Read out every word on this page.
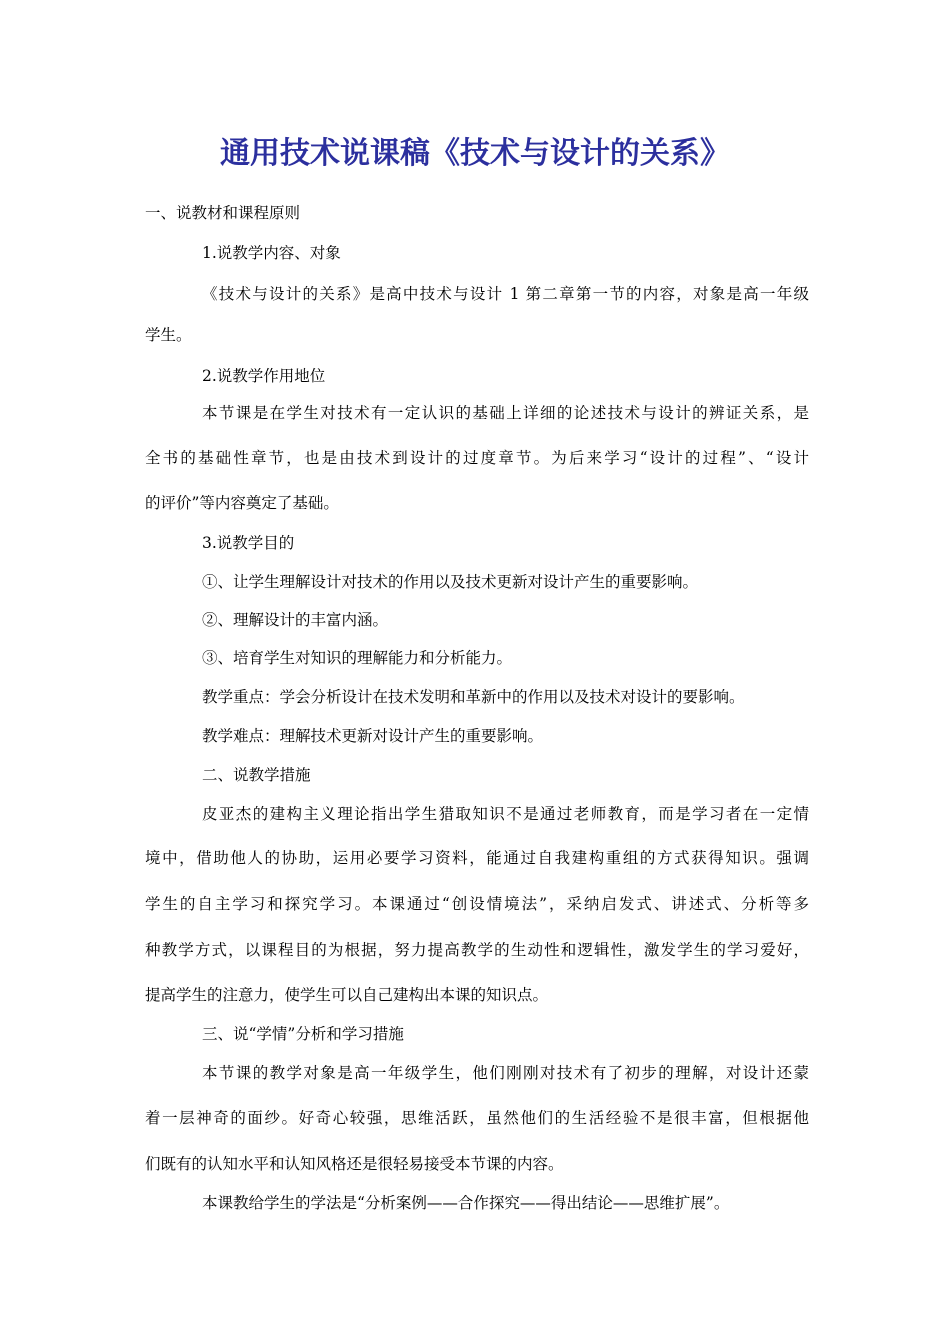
通用技术说课稿《技术与设计的关系》
一、说教材和课程原则
1.说教学内容、对象
《技术与设计的关系》是高中技术与设计 1 第二章第一节的内容，对象是高一年级
学生。
2.说教学作用地位
本节课是在学生对技术有一定认识的基础上详细的论述技术与设计的辨证关系，是
全书的基础性章节，也是由技术到设计的过度章节。为后来学习“设计的过程”、“设计
的评价”等内容奠定了基础。
3.说教学目的
①、让学生理解设计对技术的作用以及技术更新对设计产生的重要影响。
②、理解设计的丰富内涵。
③、培育学生对知识的理解能力和分析能力。
教学重点：学会分析设计在技术发明和革新中的作用以及技术对设计的要影响。
教学难点：理解技术更新对设计产生的重要影响。
二、说教学措施
皮亚杰的建构主义理论指出学生猎取知识不是通过老师教育，而是学习者在一定情
境中，借助他人的协助，运用必要学习资料，能通过自我建构重组的方式获得知识。强调
学生的自主学习和探究学习。本课通过“创设情境法”，采纳启发式、讲述式、分析等多
种教学方式，以课程目的为根据，努力提高教学的生动性和逻辑性，激发学生的学习爱好，
提高学生的注意力，使学生可以自己建构出本课的知识点。
三、说“学情”分析和学习措施
本节课的教学对象是高一年级学生，他们刚刚对技术有了初步的理解，对设计还蒙
着一层神奇的面纱。好奇心较强，思维活跃，虽然他们的生活经验不是很丰富，但根据他
们既有的认知水平和认知风格还是很轻易接受本节课的内容。
本课教给学生的学法是“分析案例——合作探究——得出结论——思维扩展”。
